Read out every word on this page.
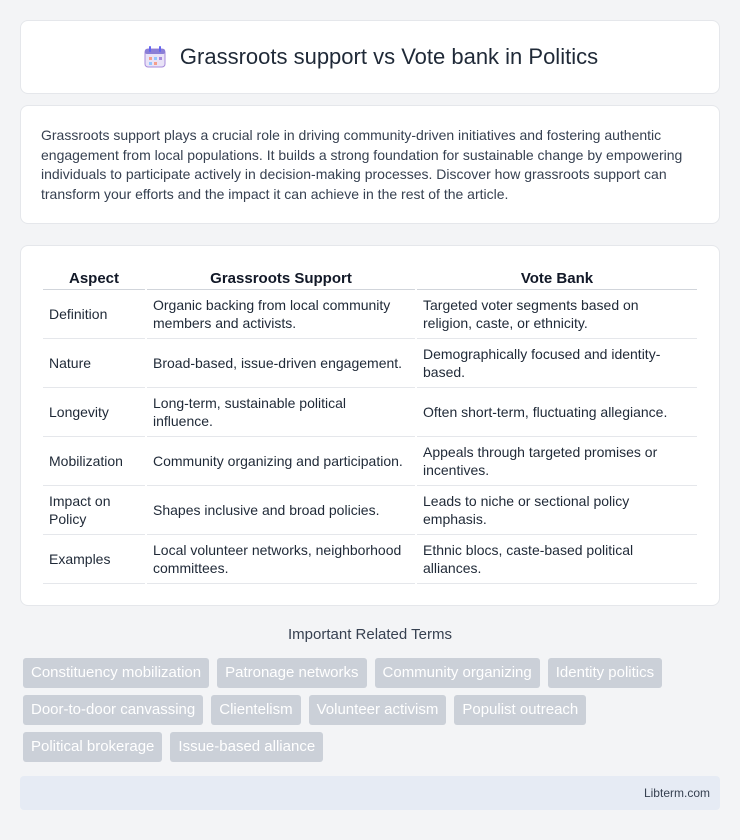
Grassroots support vs Vote bank in Politics

Grassroots support plays a crucial role in driving community-driven initiatives and fostering authentic engagement from local populations. It builds a strong foundation for sustainable change by empowering individuals to participate actively in decision-making processes. Discover how grassroots support can transform your efforts and the impact it can achieve in the rest of the article.

Aspect	Grassroots Support	Vote Bank
Definition	Organic backing from local community members and activists.	Targeted voter segments based on religion, caste, or ethnicity.
Nature	Broad-based, issue-driven engagement.	Demographically focused and identity-based.
Longevity	Long-term, sustainable political influence.	Often short-term, fluctuating allegiance.
Mobilization	Community organizing and participation.	Appeals through targeted promises or incentives.
Impact on Policy	Shapes inclusive and broad policies.	Leads to niche or sectional policy emphasis.
Examples	Local volunteer networks, neighborhood committees.	Ethnic blocs, caste-based political alliances.
Important Related Terms
Constituency mobilization	Patronage networks	Community organizing	Identity politics
Door-to-door canvassing	Clientelism	Volunteer activism	Populist outreach
Political brokerage	Issue-based alliance
Libterm.com
